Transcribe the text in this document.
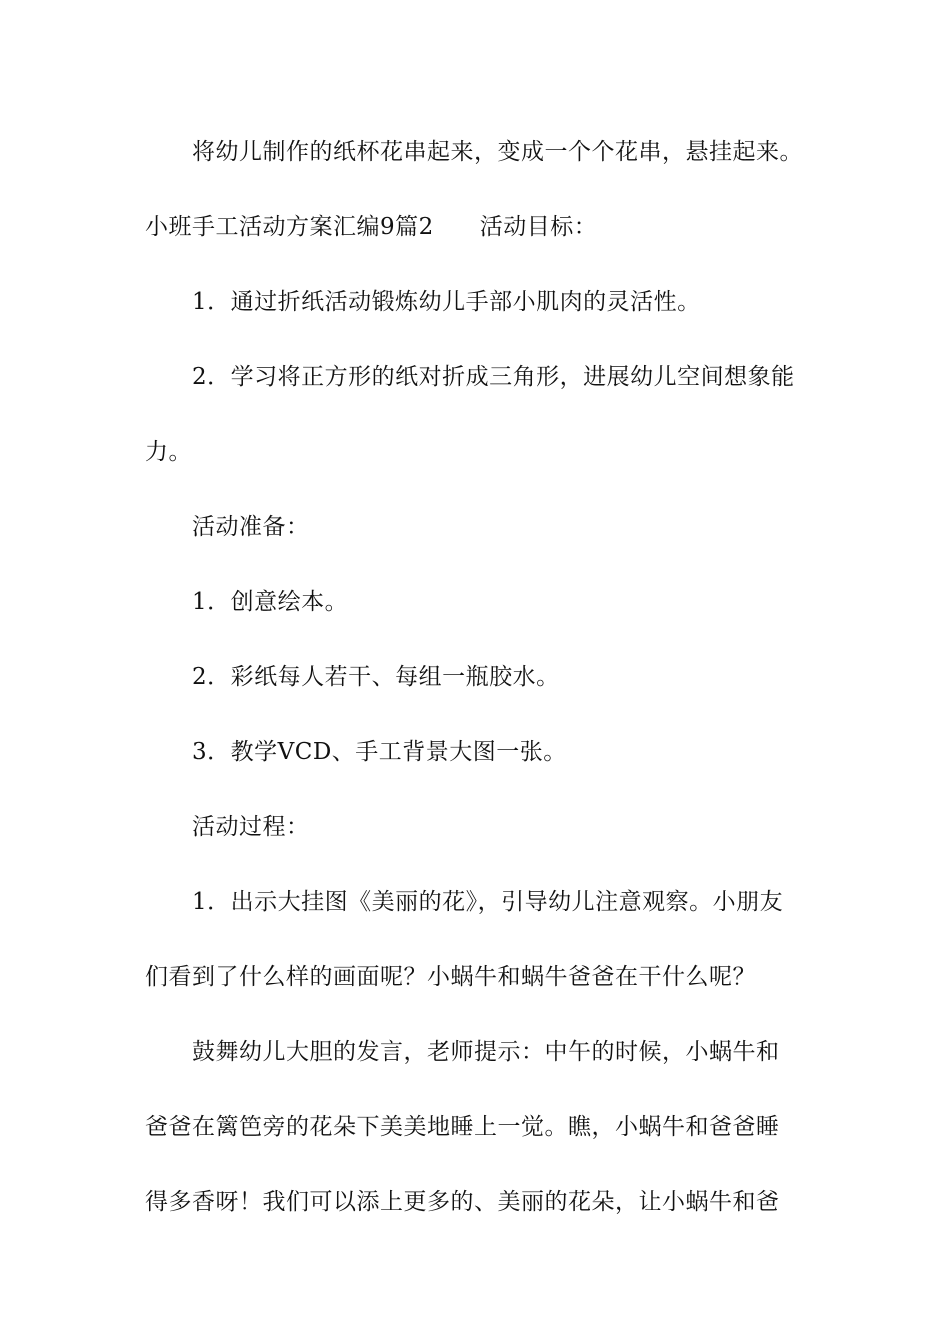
将幼儿制作的纸杯花串起来，变成一个个花串，悬挂起来。
小班手工活动方案汇编9篇2 活动目标：
1．通过折纸活动锻炼幼儿手部小肌肉的灵活性。
2．学习将正方形的纸对折成三角形，进展幼儿空间想象能
力。
活动准备：
1．创意绘本。
2．彩纸每人若干、每组一瓶胶水。
3．教学VCD、手工背景大图一张。
活动过程：
1．出示大挂图《美丽的花》，引导幼儿注意观察。小朋友
们看到了什么样的画面呢？小蜗牛和蜗牛爸爸在干什么呢？
鼓舞幼儿大胆的发言，老师提示：中午的时候，小蜗牛和
爸爸在篱笆旁的花朵下美美地睡上一觉。瞧，小蜗牛和爸爸睡
得多香呀！我们可以添上更多的、美丽的花朵，让小蜗牛和爸
